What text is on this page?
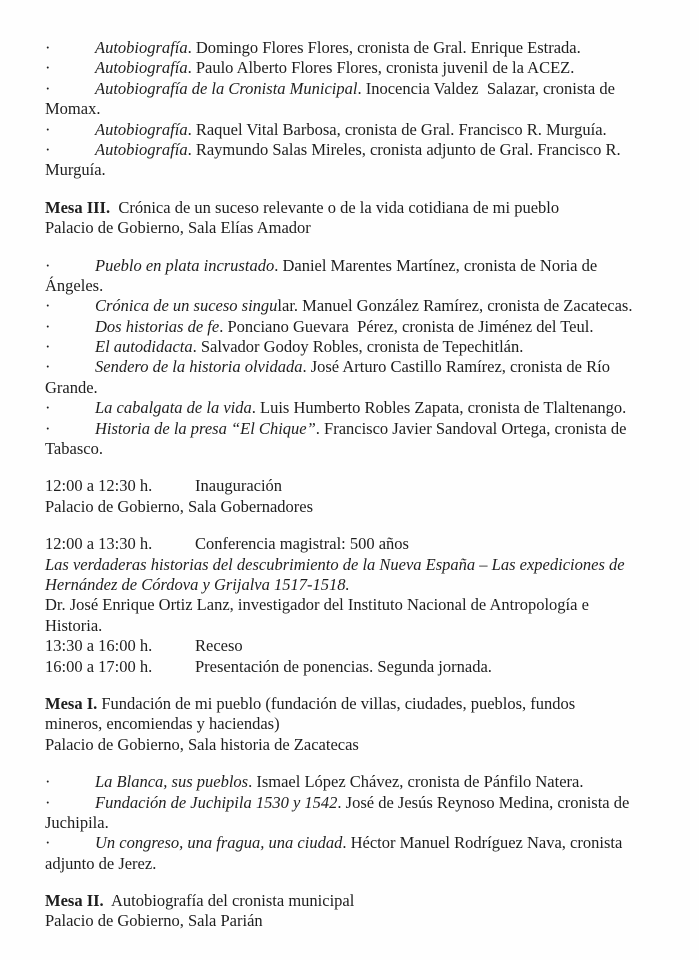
·	Autobiografía. Domingo Flores Flores, cronista de Gral. Enrique Estrada.
·	Autobiografía. Paulo Alberto Flores Flores, cronista juvenil de la ACEZ.
·	Autobiografía de la Cronista Municipal. Inocencia Valdez  Salazar, cronista de
Momax.
·	Autobiografía. Raquel Vital Barbosa, cronista de Gral. Francisco R. Murguía.
·	Autobiografía. Raymundo Salas Mireles, cronista adjunto de Gral. Francisco R.
Murguía.
Mesa III.  Crónica de un suceso relevante o de la vida cotidiana de mi pueblo
Palacio de Gobierno, Sala Elías Amador
·	Pueblo en plata incrustado. Daniel Marentes Martínez, cronista de Noria de
Ángeles.
·	Crónica de un suceso singular. Manuel González Ramírez, cronista de Zacatecas.
·	Dos historias de fe. Ponciano Guevara  Pérez, cronista de Jiménez del Teul.
·	El autodidacta. Salvador Godoy Robles, cronista de Tepechitlán.
·	Sendero de la historia olvidada. José Arturo Castillo Ramírez, cronista de Río
Grande.
·	La cabalgata de la vida. Luis Humberto Robles Zapata, cronista de Tlaltenango.
·	Historia de la presa “El Chique”. Francisco Javier Sandoval Ortega, cronista de
Tabasco.
12:00 a 12:30 h.	Inauguración
Palacio de Gobierno, Sala Gobernadores
12:00 a 13:30 h.	Conferencia magistral: 500 años
Las verdaderas historias del descubrimiento de la Nueva España – Las expediciones de
Hernández de Córdova y Grijalva 1517-1518.
Dr. José Enrique Ortiz Lanz, investigador del Instituto Nacional de Antropología e
Historia.
13:30 a 16:00 h.	Receso
16:00 a 17:00 h.	Presentación de ponencias. Segunda jornada.
Mesa I. Fundación de mi pueblo (fundación de villas, ciudades, pueblos, fundos
mineros, encomiendas y haciendas)
Palacio de Gobierno, Sala historia de Zacatecas
·	La Blanca, sus pueblos. Ismael López Chávez, cronista de Pánfilo Natera.
·	Fundación de Juchipila 1530 y 1542. José de Jesús Reynoso Medina, cronista de
Juchipila.
·	Un congreso, una fragua, una ciudad. Héctor Manuel Rodríguez Nava, cronista
adjunto de Jerez.
Mesa II.  Autobiografía del cronista municipal
Palacio de Gobierno, Sala Parián
